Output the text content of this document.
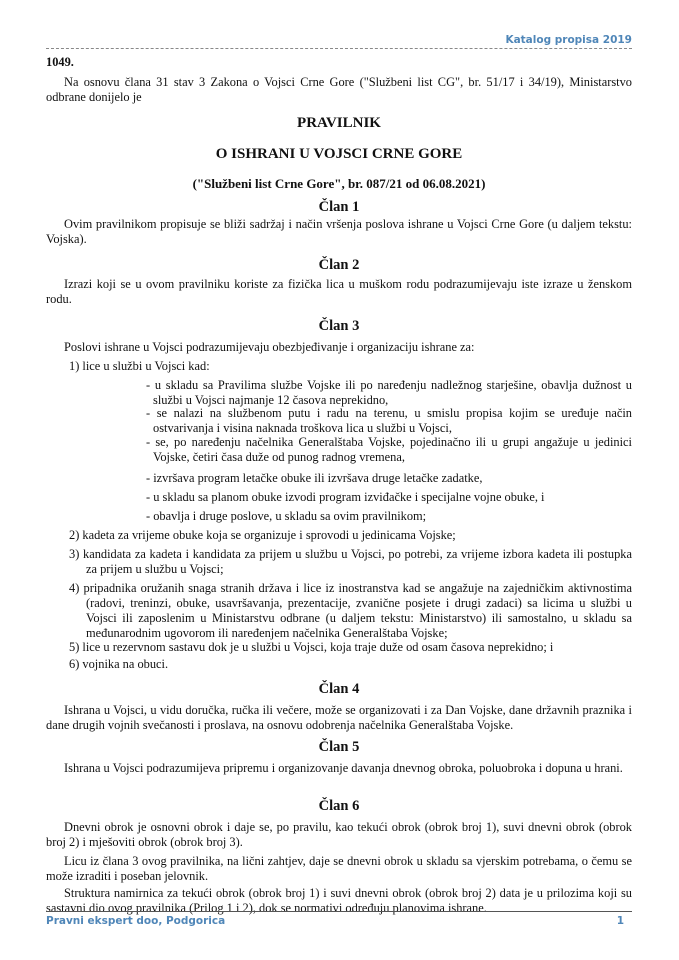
Katalog propisa 2019
1049.
Na osnovu člana 31 stav 3 Zakona o Vojsci Crne Gore ("Službeni list CG", br. 51/17 i 34/19), Ministarstvo odbrane donijelo je
PRAVILNIK
O ISHRANI U VOJSCI CRNE GORE
("Službeni list Crne Gore", br. 087/21 od 06.08.2021)
Član 1
Ovim pravilnikom propisuje se bliži sadržaj i način vršenja poslova ishrane u Vojsci Crne Gore (u daljem tekstu: Vojska).
Član 2
Izrazi koji se u ovom pravilniku koriste za fizička lica u muškom rodu podrazumijevaju iste izraze u ženskom rodu.
Član 3
Poslovi ishrane u Vojsci podrazumijevaju obezbjeđivanje i organizaciju ishrane za:
1) lice u službi u Vojsci kad:
- u skladu sa Pravilima službe Vojske ili po naređenju nadležnog starješine, obavlja dužnost u službi u Vojsci najmanje 12 časova neprekidno,
- se nalazi na službenom putu i radu na terenu, u smislu propisa kojim se uređuje način ostvarivanja i visina naknada troškova lica u službi u Vojsci,
- se, po naređenju načelnika Generalštaba Vojske, pojedinačno ili u grupi angažuje u jedinici Vojske, četiri časa duže od punog radnog vremena,
- izvršava program letačke obuke ili izvršava druge letačke zadatke,
- u skladu sa planom obuke izvodi program izviđačke i specijalne vojne obuke, i
- obavlja i druge poslove, u skladu sa ovim pravilnikom;
2) kadeta za vrijeme obuke koja se organizuje i sprovodi u jedinicama Vojske;
3) kandidata za kadeta i kandidata za prijem u službu u Vojsci, po potrebi, za vrijeme izbora kadeta ili postupka za prijem u službu u Vojsci;
4) pripadnika oružanih snaga stranih država i lice iz inostranstva kad se angažuje na zajedničkim aktivnostima (radovi, treninzi, obuke, usavršavanja, prezentacije, zvanične posjete i drugi zadaci) sa licima u službi u Vojsci ili zaposlenim u Ministarstvu odbrane (u daljem tekstu: Ministarstvo) ili samostalno, u skladu sa međunarodnim ugovorom ili naređenjem načelnika Generalštaba Vojske;
5) lice u rezervnom sastavu dok je u službi u Vojsci, koja traje duže od osam časova neprekidno; i
6) vojnika na obuci.
Član 4
Ishrana u Vojsci, u vidu doručka, ručka ili večere, može se organizovati i za Dan Vojske, dane državnih praznika i dane drugih vojnih svečanosti i proslava, na osnovu odobrenja načelnika Generalštaba Vojske.
Član 5
Ishrana u Vojsci podrazumijeva pripremu i organizovanje davanja dnevnog obroka, poluobroka i dopuna u hrani.
Član 6
Dnevni obrok je osnovni obrok i daje se, po pravilu, kao tekući obrok (obrok broj 1), suvi dnevni obrok (obrok broj 2) i mješoviti obrok (obrok broj 3).
Licu iz člana 3 ovog pravilnika, na lični zahtjev, daje se dnevni obrok u skladu sa vjerskim potrebama, o čemu se može izraditi i poseban jelovnik.
Struktura namirnica za tekući obrok (obrok broj 1) i suvi dnevni obrok (obrok broj 2) data je u prilozima koji su sastavni dio ovog pravilnika (Prilog 1 i 2), dok se normativi određuju planovima ishrane.
Pravni ekspert doo, Podgorica	1
